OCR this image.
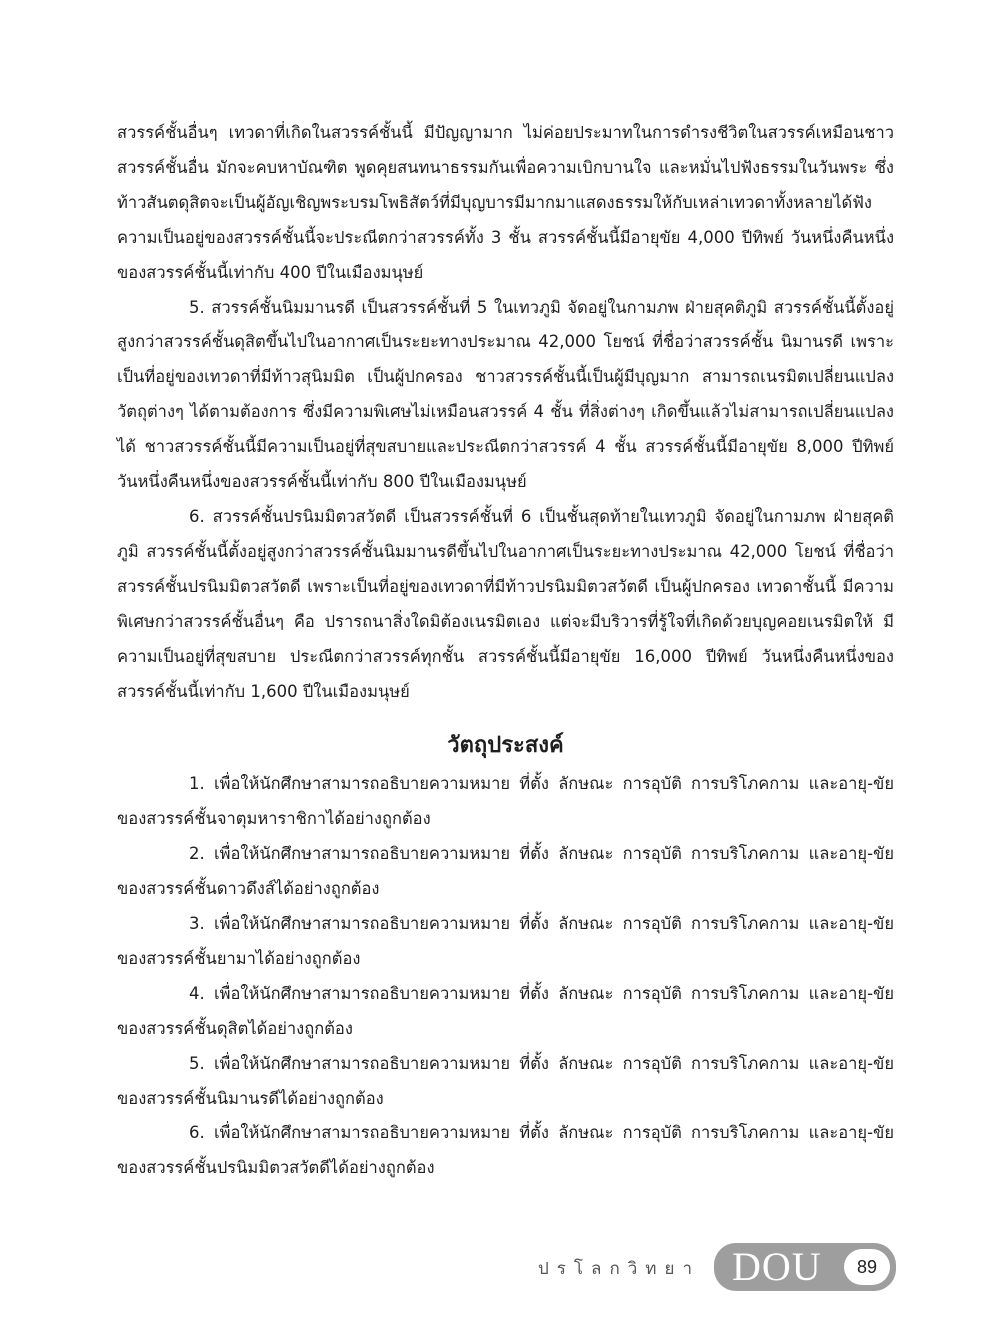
สวรรค์ชั้นอื่นๆ เทวดาที่เกิดในสวรรค์ชั้นนี้ มีปัญญามาก ไม่ค่อยประมาทในการดำรงชีวิตในสวรรค์เหมือนชาวสวรรค์ชั้นอื่น มักจะคบหาบัณฑิต พูดคุยสนทนาธรรมกันเพื่อความเบิกบานใจ และหมั่นไปฟังธรรมในวันพระ ซึ่งท้าวสันตดุสิตจะเป็นผู้อัญเชิญพระบรมโพธิสัตว์ที่มีบุญบารมีมากมาแสดงธรรมให้กับเหล่าเทวดาทั้งหลายได้ฟัง ความเป็นอยู่ของสวรรค์ชั้นนี้จะประณีตกว่าสวรรค์ทั้ง 3 ชั้น สวรรค์ชั้นนี้มีอายุขัย 4,000 ปีทิพย์ วันหนึ่งคืนหนึ่งของสวรรค์ชั้นนี้เท่ากับ 400 ปีในเมืองมนุษย์

5. สวรรค์ชั้นนิมมานรดี เป็นสวรรค์ชั้นที่ 5 ในเทวภูมิ จัดอยู่ในกามภพ ฝ่ายสุคติภูมิ สวรรค์ชั้นนี้ตั้งอยู่สูงกว่าสวรรค์ชั้นดุสิตขึ้นไปในอากาศเป็นระยะทางประมาณ 42,000 โยชน์ ที่ชื่อว่าสวรรค์ชั้น นิมานรดี เพราะเป็นที่อยู่ของเทวดาที่มีท้าวสุนิมมิต เป็นผู้ปกครอง ชาวสวรรค์ชั้นนี้เป็นผู้มีบุญมาก สามารถเนรมิตเปลี่ยนแปลงวัตถุต่างๆ ได้ตามต้องการ ซึ่งมีความพิเศษไม่เหมือนสวรรค์ 4 ชั้น ที่สิ่งต่างๆ เกิดขึ้นแล้วไม่สามารถเปลี่ยนแปลงได้ ชาวสวรรค์ชั้นนี้มีความเป็นอยู่ที่สุขสบายและประณีตกว่าสวรรค์ 4 ชั้น สวรรค์ชั้นนี้มีอายุขัย 8,000 ปีทิพย์ วันหนึ่งคืนหนึ่งของสวรรค์ชั้นนี้เท่ากับ 800 ปีในเมืองมนุษย์

6. สวรรค์ชั้นปรนิมมิตวสวัตดี เป็นสวรรค์ชั้นที่ 6 เป็นชั้นสุดท้ายในเทวภูมิ จัดอยู่ในกามภพ ฝ่ายสุคติภูมิ สวรรค์ชั้นนี้ตั้งอยู่สูงกว่าสวรรค์ชั้นนิมมานรดีขึ้นไปในอากาศเป็นระยะทางประมาณ 42,000 โยชน์ ที่ชื่อว่าสวรรค์ชั้นปรนิมมิตวสวัตดี เพราะเป็นที่อยู่ของเทวดาที่มีท้าวปรนิมมิตวสวัตดี เป็นผู้ปกครอง เทวดาชั้นนี้ มีความพิเศษกว่าสวรรค์ชั้นอื่นๆ คือ ปรารถนาสิ่งใดมิต้องเนรมิตเอง แต่จะมีบริวารที่รู้ใจที่เกิดด้วยบุญคอยเนรมิตให้ มีความเป็นอยู่ที่สุขสบาย ประณีตกว่าสวรรค์ทุกชั้น สวรรค์ชั้นนี้มีอายุขัย 16,000 ปีทิพย์ วันหนึ่งคืนหนึ่งของสวรรค์ชั้นนี้เท่ากับ 1,600 ปีในเมืองมนุษย์

วัตถุประสงค์

1. เพื่อให้นักศึกษาสามารถอธิบายความหมาย ที่ตั้ง ลักษณะ การอุบัติ การบริโภคกาม และอายุ-ขัยของสวรรค์ชั้นจาตุมหาราชิกาได้อย่างถูกต้อง

2. เพื่อให้นักศึกษาสามารถอธิบายความหมาย ที่ตั้ง ลักษณะ การอุบัติ การบริโภคกาม และอายุ-ขัยของสวรรค์ชั้นดาวดึงส์ได้อย่างถูกต้อง

3. เพื่อให้นักศึกษาสามารถอธิบายความหมาย ที่ตั้ง ลักษณะ การอุบัติ การบริโภคกาม และอายุ-ขัยของสวรรค์ชั้นยามาได้อย่างถูกต้อง

4. เพื่อให้นักศึกษาสามารถอธิบายความหมาย ที่ตั้ง ลักษณะ การอุบัติ การบริโภคกาม และอายุ-ขัยของสวรรค์ชั้นดุสิตได้อย่างถูกต้อง

5. เพื่อให้นักศึกษาสามารถอธิบายความหมาย ที่ตั้ง ลักษณะ การอุบัติ การบริโภคกาม และอายุ-ขัยของสวรรค์ชั้นนิมานรดีได้อย่างถูกต้อง

6. เพื่อให้นักศึกษาสามารถอธิบายความหมาย ที่ตั้ง ลักษณะ การอุบัติ การบริโภคกาม และอายุ-ขัยของสวรรค์ชั้นปรนิมมิตวสวัตดีได้อย่างถูกต้อง

ปรโลกวิทยา DOU	89
